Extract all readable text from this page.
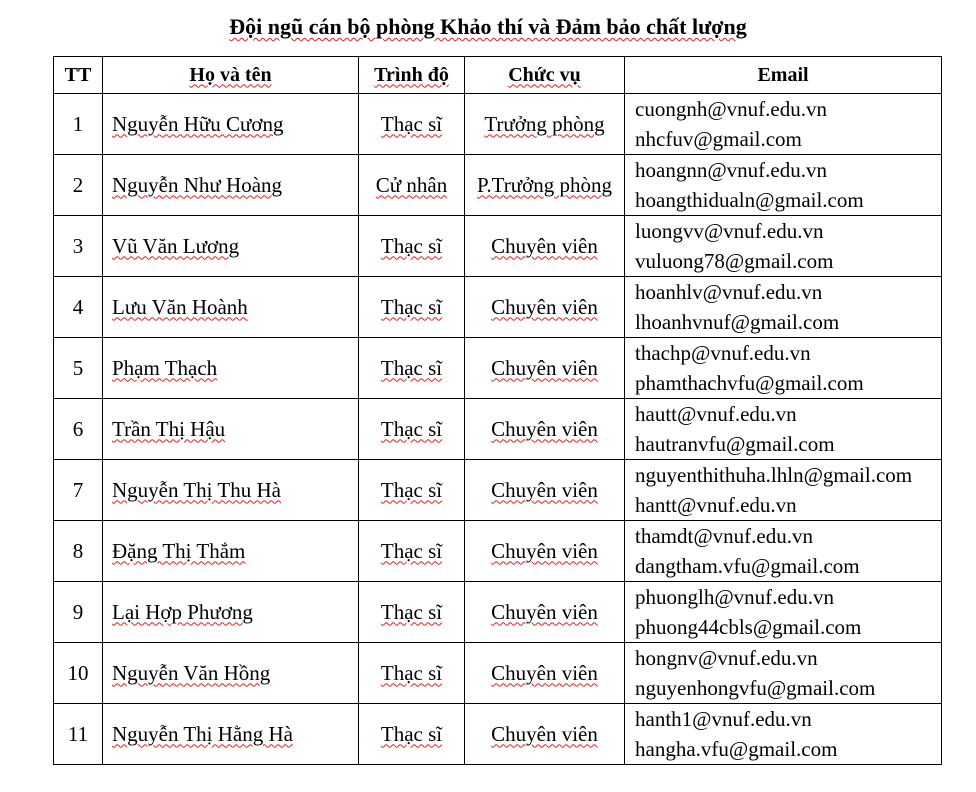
Đội ngũ cán bộ phòng Khảo thí và Đảm bảo chất lượng
TT	Họ và tên	Trình độ	Chức vụ	Email
1	Nguyễn Hữu Cương	Thạc sĩ	Trưởng phòng	cuongnh@vnuf.edu.vn
nhcfuv@gmail.com

2	Nguyễn Như Hoàng	Cử nhân	P.Trưởng phòng	hoangnn@vnuf.edu.vn
hoangthidualn@gmail.com

3	Vũ Văn Lương	Thạc sĩ	Chuyên viên	luongvv@vnuf.edu.vn
vuluong78@gmail.com

4	Lưu Văn Hoành	Thạc sĩ	Chuyên viên	hoanhlv@vnuf.edu.vn
lhoanhvnuf@gmail.com

5	Phạm Thạch	Thạc sĩ	Chuyên viên	thachp@vnuf.edu.vn
phamthachvfu@gmail.com

6	Trần Thị Hậu	Thạc sĩ	Chuyên viên	hautt@vnuf.edu.vn
hautranvfu@gmail.com

7	Nguyễn Thị Thu Hà	Thạc sĩ	Chuyên viên	nguyenthithuha.lhln@gmail.com
hantt@vnuf.edu.vn

8	Đặng Thị Thắm	Thạc sĩ	Chuyên viên	thamdt@vnuf.edu.vn
dangtham.vfu@gmail.com

9	Lại Hợp Phương	Thạc sĩ	Chuyên viên	phuonglh@vnuf.edu.vn
phuong44cbls@gmail.com

10	Nguyễn Văn Hồng	Thạc sĩ	Chuyên viên	hongnv@vnuf.edu.vn
nguyenhongvfu@gmail.com

11	Nguyễn Thị Hằng Hà	Thạc sĩ	Chuyên viên	hanth1@vnuf.edu.vn
hangha.vfu@gmail.com
